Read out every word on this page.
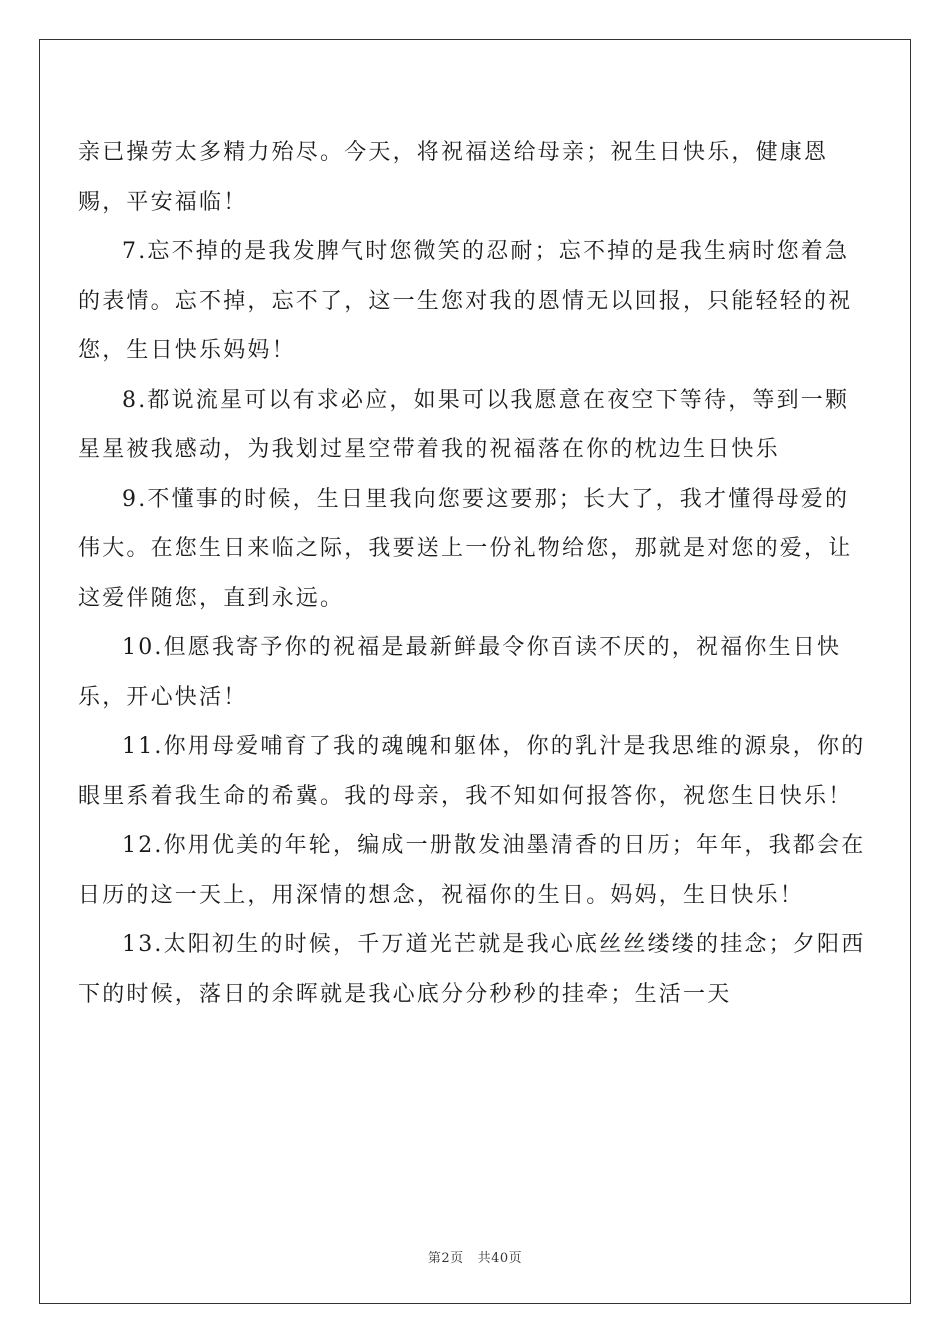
亲已操劳太多精力殆尽。今天，将祝福送给母亲；祝生日快乐，健康恩赐，平安福临！

7.忘不掉的是我发脾气时您微笑的忍耐；忘不掉的是我生病时您着急的表情。忘不掉，忘不了，这一生您对我的恩情无以回报，只能轻轻的祝您，生日快乐妈妈！

8.都说流星可以有求必应，如果可以我愿意在夜空下等待，等到一颗星星被我感动，为我划过星空带着我的祝福落在你的枕边生日快乐

9.不懂事的时候，生日里我向您要这要那；长大了，我才懂得母爱的伟大。在您生日来临之际，我要送上一份礼物给您，那就是对您的爱，让这爱伴随您，直到永远。

10.但愿我寄予你的祝福是最新鲜最令你百读不厌的，祝福你生日快乐，开心快活！

11.你用母爱哺育了我的魂魄和躯体，你的乳汁是我思维的源泉，你的眼里系着我生命的希冀。我的母亲，我不知如何报答你，祝您生日快乐！

12.你用优美的年轮，编成一册散发油墨清香的日历；年年，我都会在日历的这一天上，用深情的想念，祝福你的生日。妈妈，生日快乐！

13.太阳初生的时候，千万道光芒就是我心底丝丝缕缕的挂念；夕阳西下的时候，落日的余晖就是我心底分分秒秒的挂牵；生活一天

第2页 共40页
